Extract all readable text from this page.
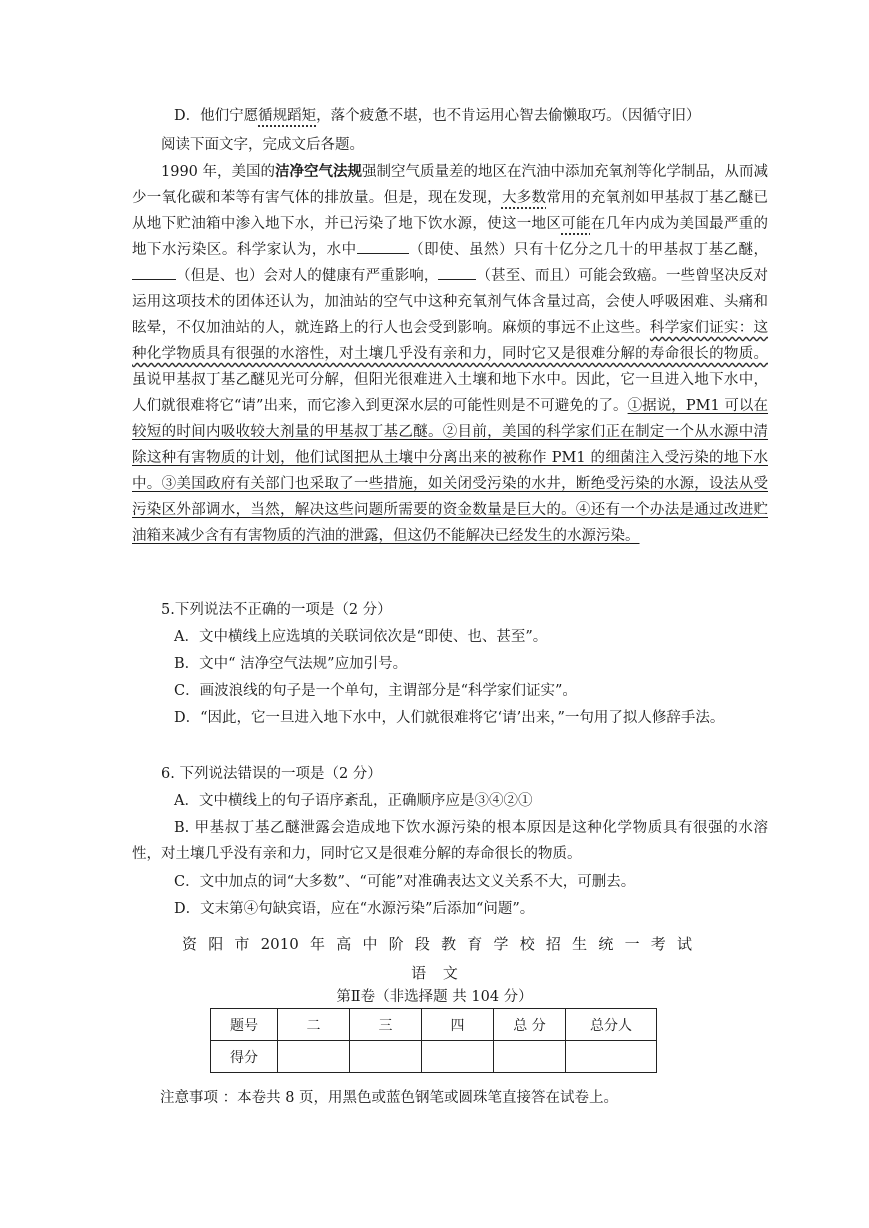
D．他们宁愿循规蹈矩，落个疲惫不堪，也不肯运用心智去偷懒取巧。（因循守旧）

阅读下面文字，完成文后各题。

1990 年，美国的洁净空气法规强制空气质量差的地区在汽油中添加充氧剂等化学制品，从而减少一氧化碳和苯等有害气体的排放量。但是，现在发现，大多数常用的充氧剂如甲基叔丁基乙醚已从地下贮油箱中渗入地下水，并已污染了地下饮水源，使这一地区可能在几年内成为美国最严重的地下水污染区。科学家认为，水中	（即使、虽然）只有十亿分之几十的甲基叔丁基乙醚，（但是、也）会对人的健康有严重影响，	（甚至、而且）可能会致癌。一些曾坚决反对运用这项技术的团体还认为，加油站的空气中这种充氧剂气体含量过高，会使人呼吸困难、头痛和眩晕，不仅加油站的人，就连路上的行人也会受到影响。麻烦的事远不止这些。科学家们证实：这种化学物质具有很强的水溶性，对土壤几乎没有亲和力，同时它又是很难分解的寿命很长的物质。虽说甲基叔丁基乙醚见光可分解，但阳光很难进入土壤和地下水中。因此，它一旦进入地下水中，人们就很难将它“请”出来，而它渗入到更深水层的可能性则是不可避免的了。①据说，PM1 可以在较短的时间内吸收较大剂量的甲基叔丁基乙醚。②目前，美国的科学家们正在制定一个从水源中清除这种有害物质的计划，他们试图把从土壤中分离出来的被称作 PM1 的细菌注入受污染的地下水中。③美国政府有关部门也采取了一些措施，如关闭受污染的水井，断绝受污染的水源，设法从受污染区外部调水，当然，解决这些问题所需要的资金数量是巨大的。④还有一个办法是通过改进贮油箱来减少含有有害物质的汽油的泄露，但这仍不能解决已经发生的水源污染。

5.下列说法不正确的一项是（2 分）

A．文中横线上应选填的关联词依次是“即使、也、甚至”。

B．文中“ 洁净空气法规”应加引号。

C．画波浪线的句子是一个单句，主谓部分是“科学家们证实”。

D．“因此，它一旦进入地下水中，人们就很难将它‘请’出来，”一句用了拟人修辞手法。

6. 下列说法错误的一项是（2 分）

A．文中横线上的句子语序紊乱，正确顺序应是③④②①

B. 甲基叔丁基乙醚泄露会造成地下饮水源污染的根本原因是这种化学物质具有很强的水溶性，对土壤几乎没有亲和力，同时它又是很难分解的寿命很长的物质。

C．文中加点的词“大多数”、“可能”对准确表达文义关系不大，可删去。

D．文末第④句缺宾语，应在“水源污染”后添加“问题”。

资阳市2010年高中阶段教育学校招生统一考试
语 文
第Ⅱ卷（非选择题 共 104 分）
题号	二	三	四	总 分	总分人
得分					

注意事项 ：本卷共 8 页，用黑色或蓝色钢笔或圆珠笔直接答在试卷上。
